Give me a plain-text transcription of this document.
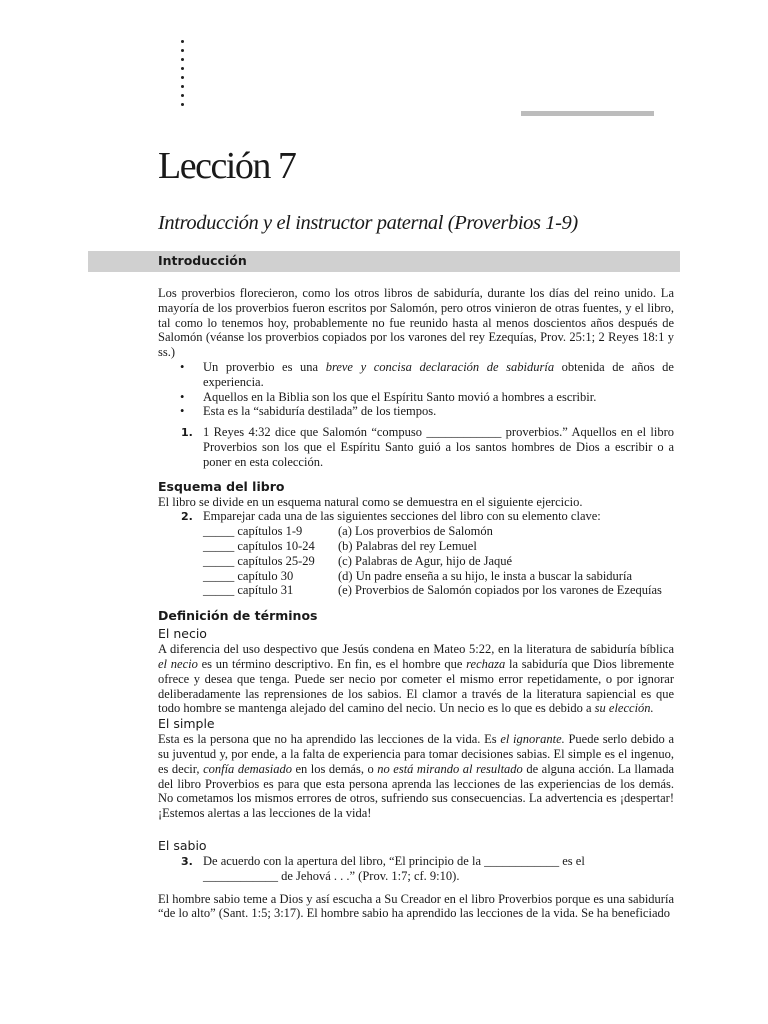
Lección 7
Introducción y el instructor paternal (Proverbios 1-9)
Introducción

Los proverbios florecieron, como los otros libros de sabiduría, durante los días del reino unido. La mayoría de los proverbios fueron escritos por Salomón, pero otros vinieron de otras fuentes, y el libro, tal como lo tenemos hoy, probablemente no fue reunido hasta al menos doscientos años después de Salomón (véanse los proverbios copiados por los varones del rey Ezequías, Prov. 25:1; 2 Reyes 18:1 y ss.)

• Un proverbio es una breve y concisa declaración de sabiduría obtenida de años de experiencia.
• Aquellos en la Biblia son los que el Espíritu Santo movió a hombres a escribir.
• Esta es la “sabiduría destilada” de los tiempos.
1. 1 Reyes 4:32 dice que Salomón “compuso ____________ proverbios.” Aquellos en el libro Proverbios son los que el Espíritu Santo guió a los santos hombres de Dios a escribir o a poner en esta colección.
Esquema del libro

El libro se divide en un esquema natural como se demuestra en el siguiente ejercicio.

2. Emparejar cada una de las siguientes secciones del libro con su elemento clave:
_____ capítulos 1-9	(a) Los proverbios de Salomón
_____ capítulos 10-24	(b) Palabras del rey Lemuel
_____ capítulos 25-29	(c) Palabras de Agur, hijo de Jaqué
_____ capítulo 30	(d) Un padre enseña a su hijo, le insta a buscar la sabiduría
_____ capítulo 31	(e) Proverbios de Salomón copiados por los varones de Ezequías
Definición de términos
El necio

A diferencia del uso despectivo que Jesús condena en Mateo 5:22, en la literatura de sabiduría bíblica el necio es un término descriptivo. En fin, es el hombre que rechaza la sabiduría que Dios libremente ofrece y desea que tenga. Puede ser necio por cometer el mismo error repetidamente, o por ignorar deliberadamente las reprensiones de los sabios. El clamor a través de la literatura sapiencial es que todo hombre se mantenga alejado del camino del necio. Un necio es lo que es debido a su elección.

El simple

Esta es la persona que no ha aprendido las lecciones de la vida. Es el ignorante. Puede serlo debido a su juventud y, por ende, a la falta de experiencia para tomar decisiones sabias. El simple es el ingenuo, es decir, confía demasiado en los demás, o no está mirando al resultado de alguna acción. La llamada del libro Proverbios es para que esta persona aprenda las lecciones de las experiencias de los demás. No cometamos los mismos errores de otros, sufriendo sus consecuencias. La advertencia es ¡despertar! ¡Estemos alertas a las lecciones de la vida!

El sabio
3. De acuerdo con la apertura del libro, “El principio de la ____________ es el
____________ de Jehová . . .” (Prov. 1:7; cf. 9:10).

El hombre sabio teme a Dios y así escucha a Su Creador en el libro Proverbios porque es una sabiduría “de lo alto” (Sant. 1:5; 3:17). El hombre sabio ha aprendido las lecciones de la vida. Se ha beneficiado
